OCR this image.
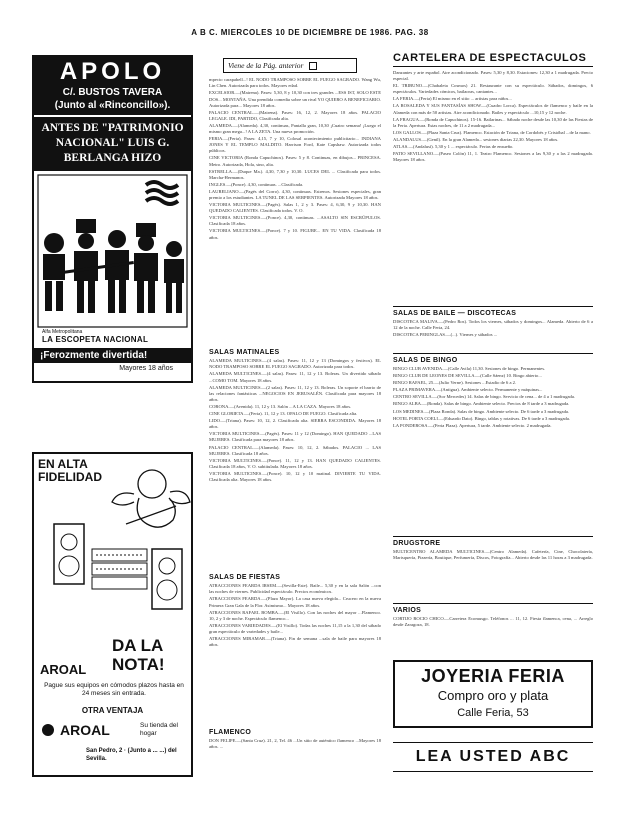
A B C. MIERCOLES 10 DE DICIEMBRE DE 1986. PAG. 38
APOLO
C/. BUSTOS TAVERA
(Junto al «Rinconcillo»).
ANTES DE "PATRIMONIO NACIONAL" LUIS G. BERLANGA HIZO
Alfa Metropolitana
LA ESCOPETA NACIONAL
¡Ferozmente divertida!
Mayores 18 años
EN ALTA FIDELIDAD
DA LA NOTA!
AROAL
Pague sus equipos en cómodos plazos hasta en 24 meses sin entrada.
OTRA VENTAJA
AROAL	Su tienda del hogar
San Pedro, 2 · (Junto a ... ...) del Sevilla.
Viene de la Pág. anterior

mpecto carapabell...! EL NODO TRAMPOSO SOBRE EL FUEGO SAGRADO. Wang Wu, Lin Chen. Autorizada para todos. Mayores edad.

EXCELSIOR.—(Mairena). Pases: 5,30, 8 y 10,30 con tres grandes ...ESS IST, SOLO ESTE DOS... MONTAÑA. Una prendida comedia sobre un rival YO QUIERO A BENEFICIARIO. Autorizada para... Mayores 18 años.

PALACIO CENTRAL.—(Mairena). Pases: 16, 12, 2. Mayores 18 años. PALACIO LEGALE. IDI, PARTIDO, Clasificada alta.

ALAMEDA.—(Alameda). 4,30, continuas, Pantalla gran, 10,30 ¡Cuatro semana! ¡Luego el mismo gran mega...! A LA ZETA. Una nueva promoción.

FERIA.—(Feria). Pases: 4,15, 7 y 10, Colosal acontecimiento publicitario... INDIANA JONES Y EL TEMPLO MALDITO. Harrison Ford, Kate Capshaw. Autorizada todos públicos.

CINE VICTORIA (Ronda Capuchinos). Pases: 5 y 8. Continuas, en dibujos... PRINCESA. Metro. Autorizada, Hola, sino, alta.

ESTRELLA.—(Duque Ma.). 4,30, 7,30 y 10,30. LUCES DEL ... Clasificada para todos. Marcha-Hermanos.

INGLES.—(Ponce). 4,30, continuas. ...Clasificada.

LAURELIANO.—(Pagés del Corro). 4,30, continuas. Estrenos. Sesiones especiales, gran premio a los estudiantes. LA TUNEL DE LAS SERPIENTES. Autorizada Mayores 18 años.

VICTORIA MULTICINES.—(Pagés). Salas 1, 2 y 3. Pases: 4, 6,30, 9 y 10,30. HAN QUEDADO CALIENTES. Clasificada todos. V. O.

VICTORIA MULTICINES.—(Ponce). 4,30, continuas. ...ASALTO SIN ESCRÚPULOS. Clasificada 18 años.

VICTORIA MULTICINES.—(Ponce). 7 y 10. FIGURE... EN TU VIDA. Clasificada 18 años.

SALAS MATINALES

ALAMEDA MULTICINES.—(4 salas). Pases: 11, 12 y 13 (Domingos y festivos). EL NODO TRAMPOSO SOBRE EL FUEGO SAGRADO. Autorizada para todos.

ALAMEDA MULTICINES.—(4 salas). Pases: 11, 12 y 13. Boleras. Un divertido sábado ...COMO TOM. Mayores 18 años.

ALAMEDA MULTICINES.—(2 salas). Pases: 11, 12 y 13. Boleras. Un soporte el barrio de las relaciones fantásticas ...NEGOCIOS EN JERUSALÉN. Clasificada para mayores 18 años.

CORONA.—(Avenida). 11, 12 y 13. Salón ...A LA CAZA. Mayores 18 años.

CINE GLORIETA.—(Feria). 11, 12 y 13. OPALO DE FUEGO. Clasificada alta.

LIDO.—(Triana). Pases: 10, 12, 2. Clasificada alta. SIERRA ESCONDIDA. Mayores 18 años.

VICTORIA MULTICINES.—(Pagés). Pases: 11 y 12 (Domingo). HAN QUEDADO ...LAS MUJERES. Clasificada para mayores 18 años.

PALACIO CENTRAL.—(Alameda). Pases: 10, 12, 2. Sábados. PALACIO ... LAS MUJERES. Clasificada 18 años.

VICTORIA MULTICINES.—(Ponce). 11, 12 y 13. HAN QUEDADO CALIENTES. Clasificada 18 años, V. O. subtitulada. Mayores 18 años.

VICTORIA MULTICINES.—(Ponce). 10, 12 y 10 matinal. DIVIERTE TU VIDA. Clasificada alta. Mayores 18 años.

SALAS DE FIESTAS

ATRACCIONES FEARDA IRSEM.—(Sevilla-Este). Baile... 5,30 y en la sala Salón ...con las noches de viernes. Publicidad espectáculo. Precios económicos.

ATRACCIONES FEARDA.—(Plaza Mayor). La casa nueva elegida... Crucero en la nueva Primera Gran Gala de la Flor. Asimismo... Mayores 18 años.

ATRACCIONES RAFAEL BOMBA.—(El Visillo). Con las noches del mayor ...Flamenco. 10, 2 y 3 de noche. Espectáculo flamenco...

ATRACCIONES VARIEDADES.—(El Visillo). Todas las noches 11,15 a la 1,30 del sábado gran espectáculo de variedades y baile...

ATRACCIONES MIRAMAR.—(Triana). Fin de semana ...sala de baile para mayores 18 años.

FLAMENCO

DON FELIPE.—(Santa Cruz). 21, 2, Tel. 46 ...Un sitio de auténtico flamenco ...Mayores 18 años. ...

CARTELERA DE ESPECTACULOS

Danzantes y arte español. Aire acondicionado. Pases: 5,30 y 8,30. Estaciones: 12,30 a 1 madrugada. Precio especial.

EL TRIBUNO.—(Chabaleta Cosmos) 21. Restaurante con su espectáculo. Sábados, domingos, 6 espectáculos. Variedades cómicos, bailaoras, cantantes...

LA FERIA.—(Feria) El mismo en el sitio ... artistas para niños...

LA ROSALEDA Y SUS FANTASÍAS SHOW.—(Cuadro Lorca). Espectáculos de flamenco y baile en la Alameda con más de 50 artistas. Aire acondicionado. Bailes y espectáculo ...10,15 y 12 noche.

LA FRAGUA.—(Ronda de Capuchinos). 15-16. Bailarinas... Sábado noche desde las 10,30 de las Fiestas de la Feria. Apertura. Estas noches, de 11 a 2 madrugada...

LOS GALLOS.—(Plaza Santa Cruz). Flamenco. Estación de Triana, de Cordobés y Cristóbal ...de la mano.

ALANDALUS.—(Genil). En la gran Alameda... sesiones diarias 22,30. Mayores 18 años.

ATLAS.—(Andalusí). 5,30 y 1 ... espectáculo. Ferias de ensueño.

PATIO SEVILLANO.—(Paseo Colón) 11, 1. Teatro Flamenco. Sesiones a las 9,30 y a las 2 madrugada. Mayores 18 años.

SALAS DE BAILE — DISCOTECAS

DISCOTECA MALIVA.—(Pedro Ros). Todos los viernes, sábados y domingos... Alameda. Abierto de 6 a 12 de la noche. Calle Feria, 24.

DISCOTECA PERINGLAS.—(...). Viernes y sábados ...

SALAS DE BINGO

BINGO CLUB AVENIDA.—(Calle Avila) 11,30. Sesiones de bingo. Permanentes.

BINGO CLUB DE LEONES DE SEVILLA.—(Calle Sáenz) 10. Bingo abierto...

BINGO RAFAEL, 25.—(Julio Verne). Sesiones ...Estadio de 6 a 2.

PLAZA PRIMAVERA.—(Antigua). Ambiente selecto. Permanente y máquinas...

CENTRO SEVILLA.—(Sor Mercedes) 14. Salas de bingo. Servicio de cena... de 4 a 1 madrugada.

BINGO ALBA.—(Ronda). Salas de bingo. Ambiente selecto. Precios de 8 tarde a 3 madrugada.

LOS MEDINES.—(Plaza Ronda). Salas de bingo. Ambiente selecto. De 6 tarde a 3 madrugada.

HOTEL PORTA COELI.—(Eduardo Dato). Bingo, tablas y rotativas. De 6 tarde a 3 madrugada.

LA PONDEROSA.—(Feria Plaza). Apertura, 5 tarde. Ambiente selecto. 2 madrugada.

DRUGSTORE

MULTICENTRO ALAMEDA MULTICINES.—(Centro Alameda). Cafetería, Cine, Chocolatería, Marisquería, Pizzería, Boutique, Perfumería, Discos, Fotografía... Abierto desde las 11 horas a 3 madrugada.

VARIOS

CORTIJO ROCIO CHICO.—Carretera Ecomusgo. Teléfonos ... 11, 12. Fiesta flamenca, cena, ... Arreglo desde Zaragoza, 18.

JOYERIA FERIA
Compro oro y plata
Calle Feria, 53
LEA USTED ABC
